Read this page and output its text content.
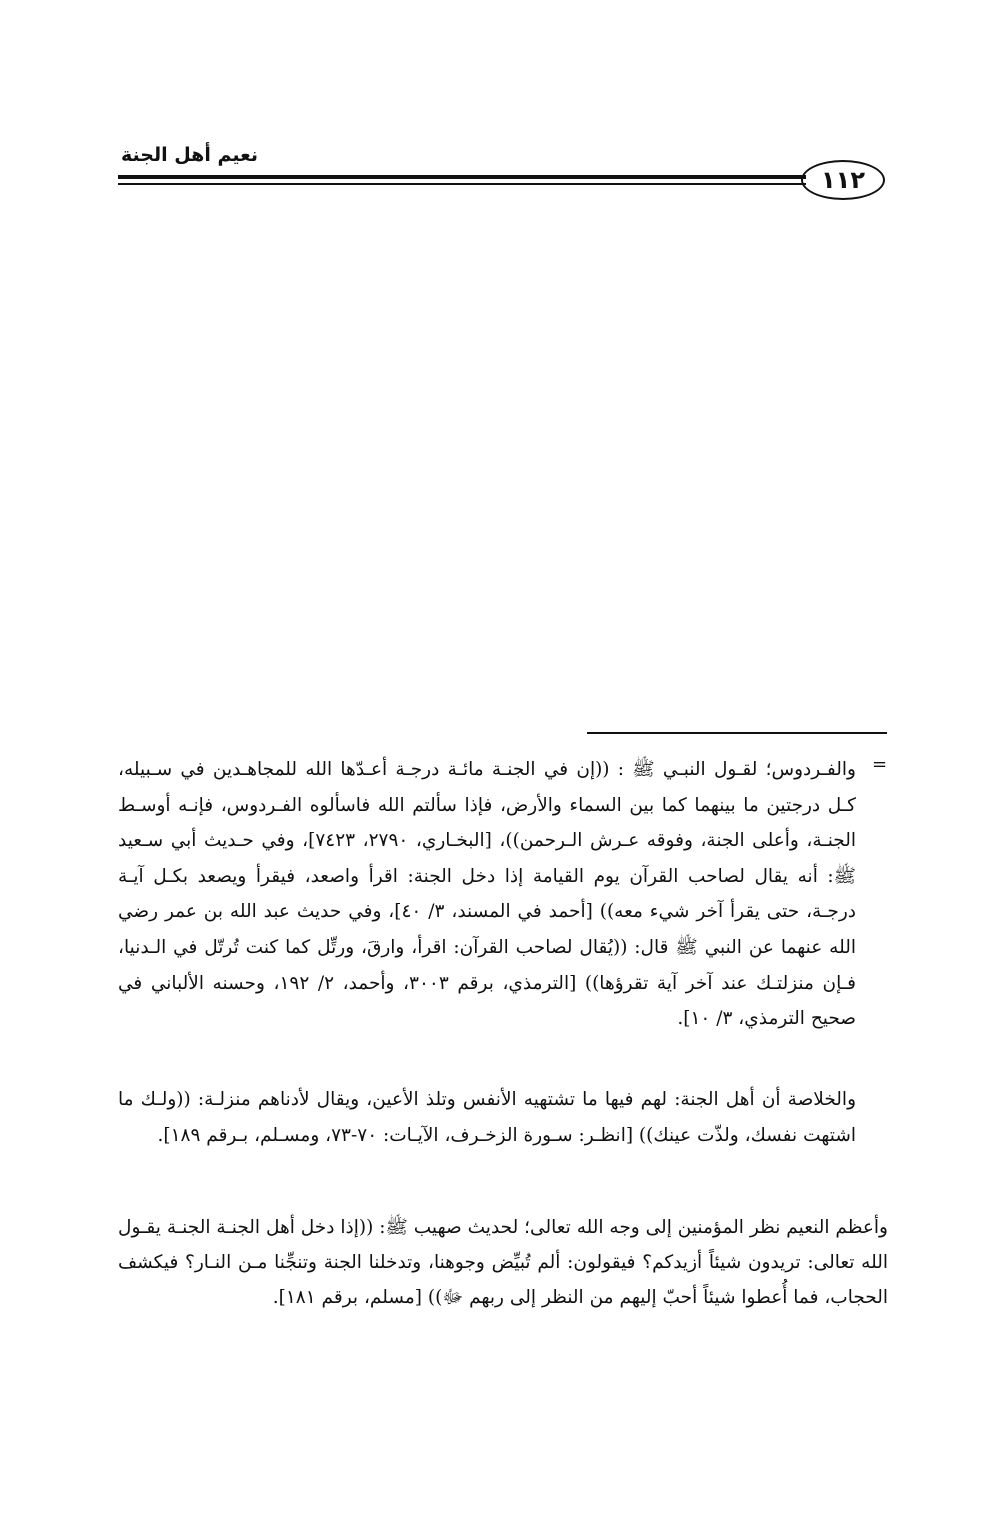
نعيم أهل الجنة
١١٢
=
والفـردوس؛ لقـول النبـي ﷺ : ((إن في الجنـة مائـة درجـة أعـدّها الله للمجاهـدين في سـبيله، كـل درجتين ما بينهما كما بين السماء والأرض، فإذا سألتم الله فاسألوه الفـردوس، فإنـه أوسـط الجنـة، وأعلى الجنة، وفوقه عـرش الـرحمن))، [البخـاري، ٢٧٩٠، ٧٤٢٣]، وفي حـديث أبي سـعيد ﷺ: أنه يقال لصاحب القرآن يوم القيامة إذا دخل الجنة: اقرأ واصعد، فيقرأ ويصعد بكـل آيـة درجـة، حتى يقرأ آخر شيء معه)) [أحمد في المسند، ٣/ ٤٠]، وفي حديث عبد الله بن عمر رضي الله عنهما عن النبي ﷺ قال: ((يُقال لصاحب القرآن: اقرأ، وارقَ، ورتِّل كما كنت تُرتّل في الـدنيا، فـإن منزلتـك عند آخر آية تقرؤها)) [الترمذي، برقم ٣٠٠٣، وأحمد، ٢/ ١٩٢، وحسنه الألباني في صحيح الترمذي، ٣/ ١٠].
والخلاصة أن أهل الجنة: لهم فيها ما تشتهيه الأنفس وتلذ الأعين، ويقال لأدناهم منزلـة: ((ولـك ما اشتهت نفسك، ولذّت عينك)) [انظـر: سـورة الزخـرف، الآيـات: ٧٠-٧٣، ومسـلم، بـرقم ١٨٩].
وأعظم النعيم نظر المؤمنين إلى وجه الله تعالى؛ لحديث صهيب ﷺ: ((إذا دخل أهل الجنـة الجنـة يقـول الله تعالى: تريدون شيئاً أزيدكم؟ فيقولون: ألم تُبيِّض وجوهنا، وتدخلنا الجنة وتنجِّنا مـن النـار؟ فيكشف الحجاب، فما أُعطوا شيئاً أحبّ إليهم من النظر إلى ربهم ﷻ)) [مسلم، برقم ١٨١].
